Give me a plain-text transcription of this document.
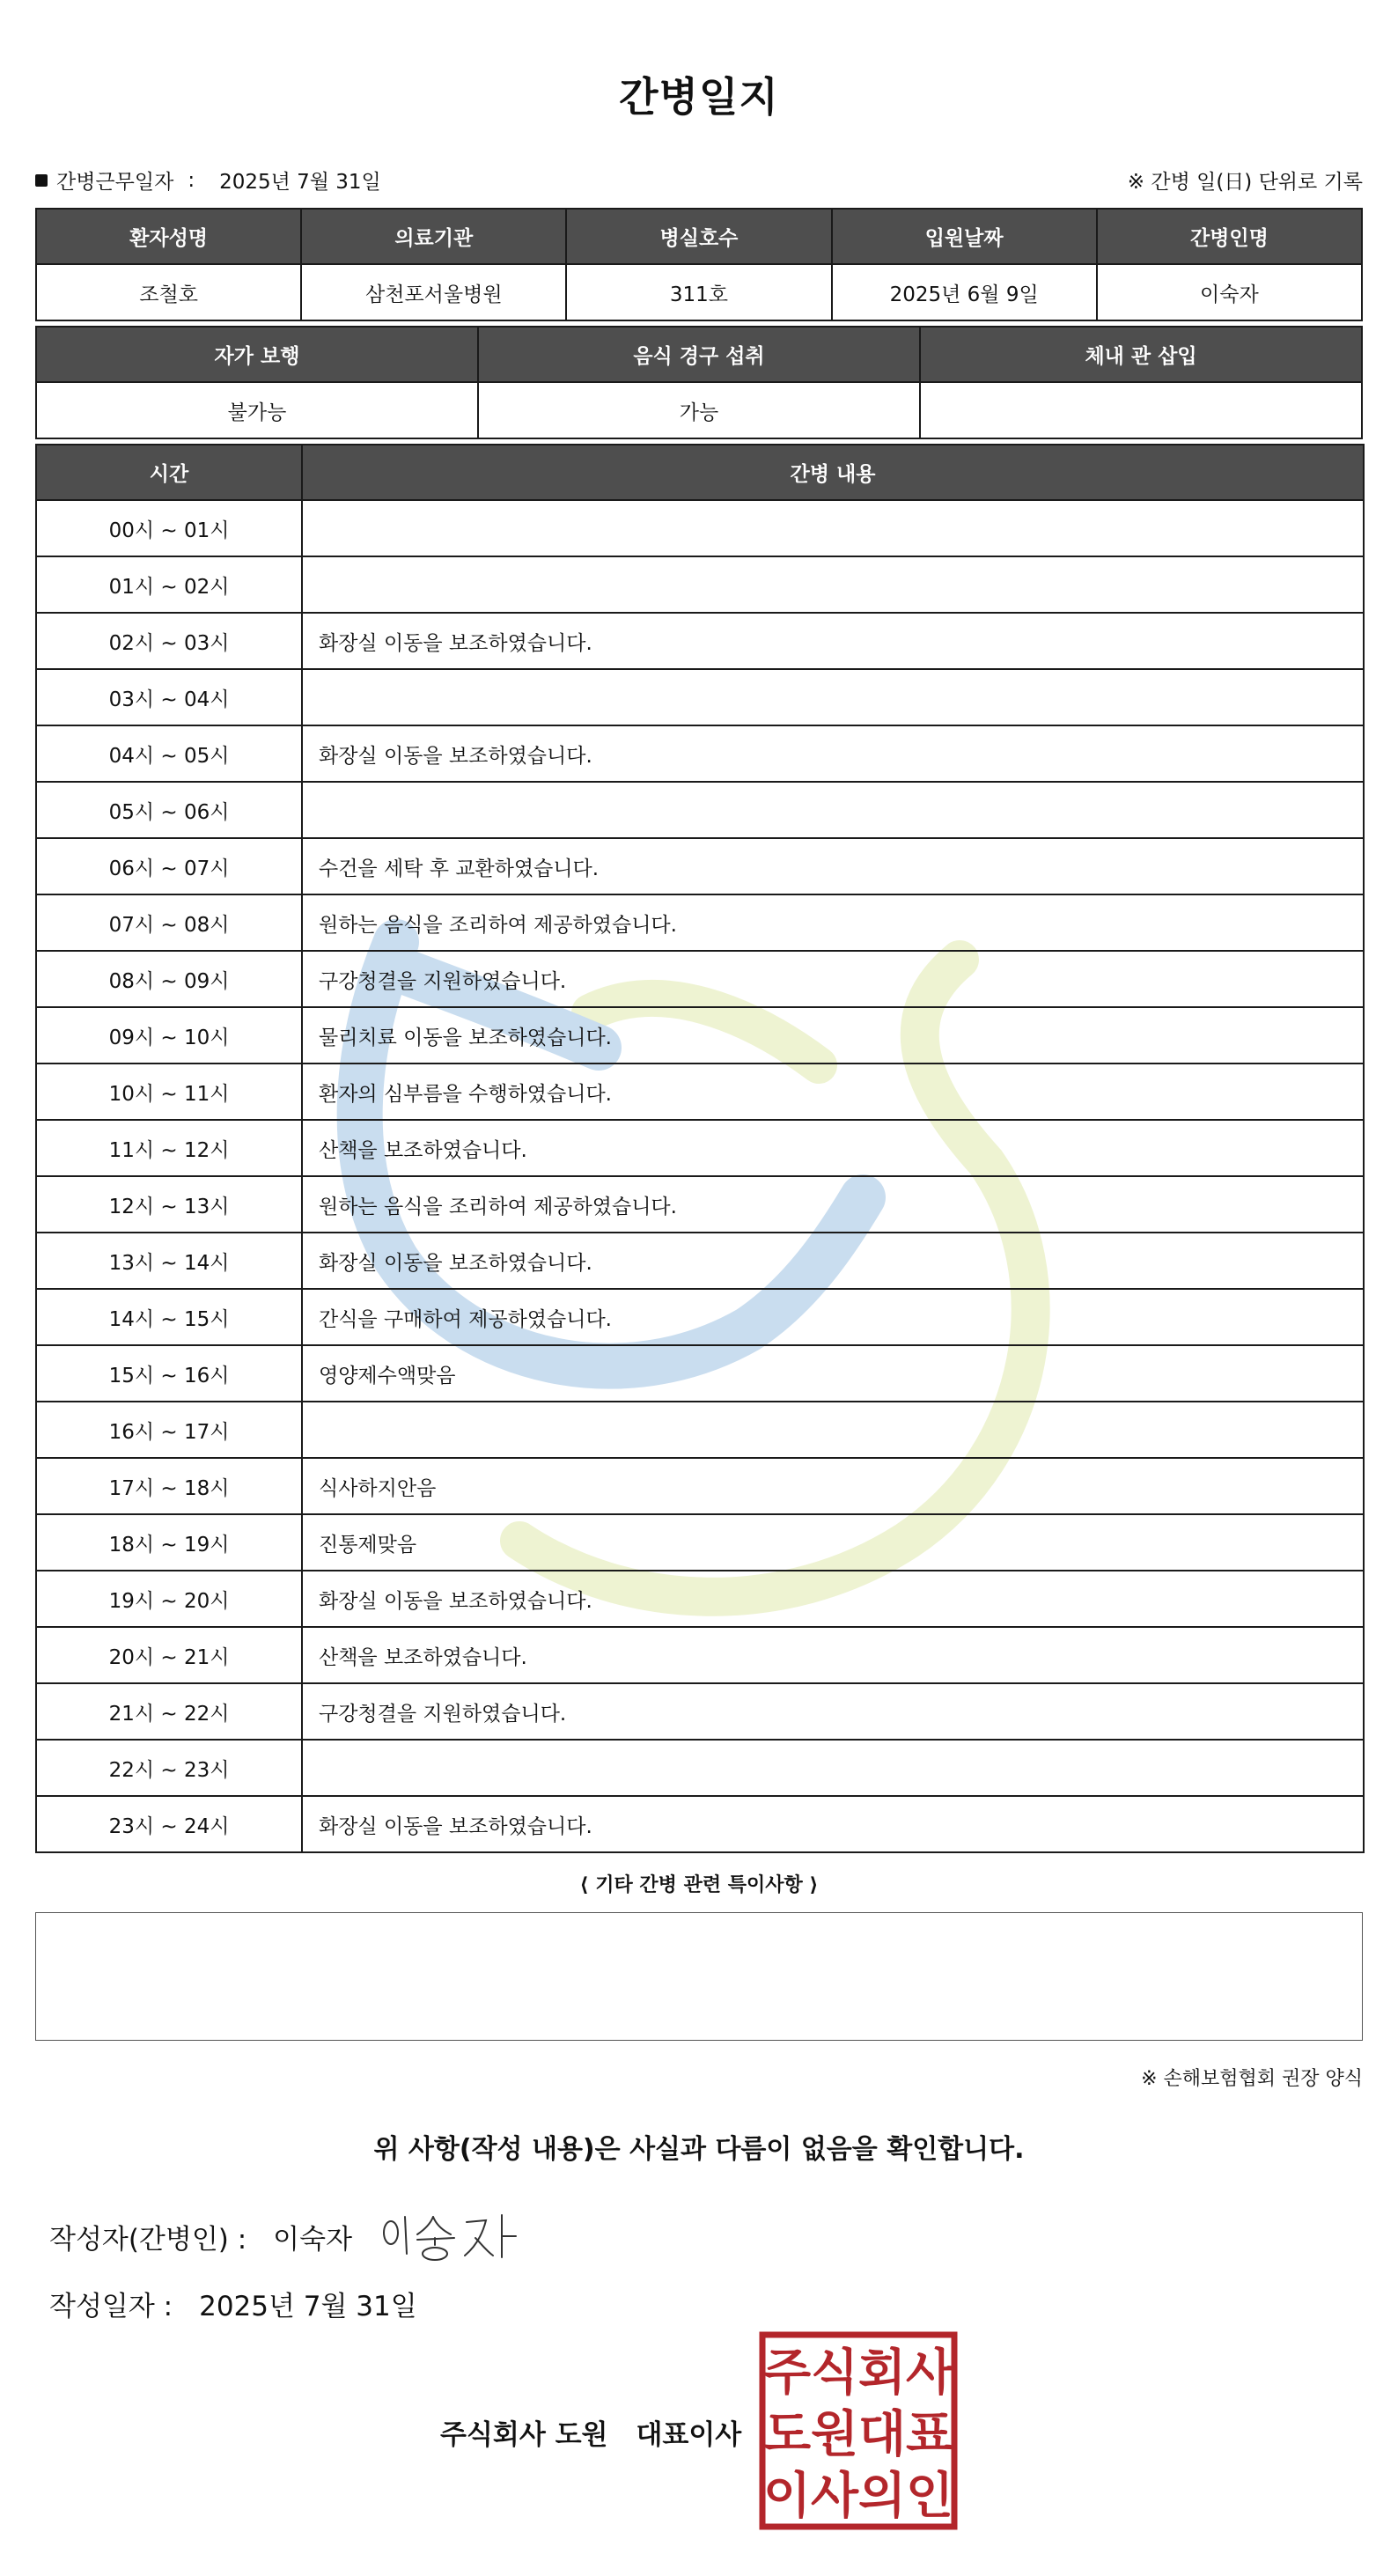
간병일지
간병근무일자 : 2025년 7월 31일	※ 간병 일(日) 단위로 기록
환자성명	의료기관	병실호수	입원날짜	간병인명
조철호	삼천포서울병원	311호	2025년 6월 9일	이숙자
자가 보행	음식 경구 섭취	체내 관 삽입
불가능	가능	
시간	간병 내용
00시 ~ 01시	
01시 ~ 02시	
02시 ~ 03시	화장실 이동을 보조하였습니다.
03시 ~ 04시	
04시 ~ 05시	화장실 이동을 보조하였습니다.
05시 ~ 06시	
06시 ~ 07시	수건을 세탁 후 교환하였습니다.
07시 ~ 08시	원하는 음식을 조리하여 제공하였습니다.
08시 ~ 09시	구강청결을 지원하였습니다.
09시 ~ 10시	물리치료 이동을 보조하였습니다.
10시 ~ 11시	환자의 심부름을 수행하였습니다.
11시 ~ 12시	산책을 보조하였습니다.
12시 ~ 13시	원하는 음식을 조리하여 제공하였습니다.
13시 ~ 14시	화장실 이동을 보조하였습니다.
14시 ~ 15시	간식을 구매하여 제공하였습니다.
15시 ~ 16시	영양제수액맞음
16시 ~ 17시	
17시 ~ 18시	식사하지안음
18시 ~ 19시	진통제맞음
19시 ~ 20시	화장실 이동을 보조하였습니다.
20시 ~ 21시	산책을 보조하였습니다.
21시 ~ 22시	구강청결을 지원하였습니다.
22시 ~ 23시	
23시 ~ 24시	화장실 이동을 보조하였습니다.
⟨ 기타 간병 관련 특이사항 ⟩
※ 손해보험협회 권장 양식
위 사항(작성 내용)은 사실과 다름이 없음을 확인합니다.
작성자(간병인) : 이숙자
작성일자 : 2025년 7월 31일
주식회사 도원 대표이사
주 식 회 사
도 원 대 표
이 사 의 인
